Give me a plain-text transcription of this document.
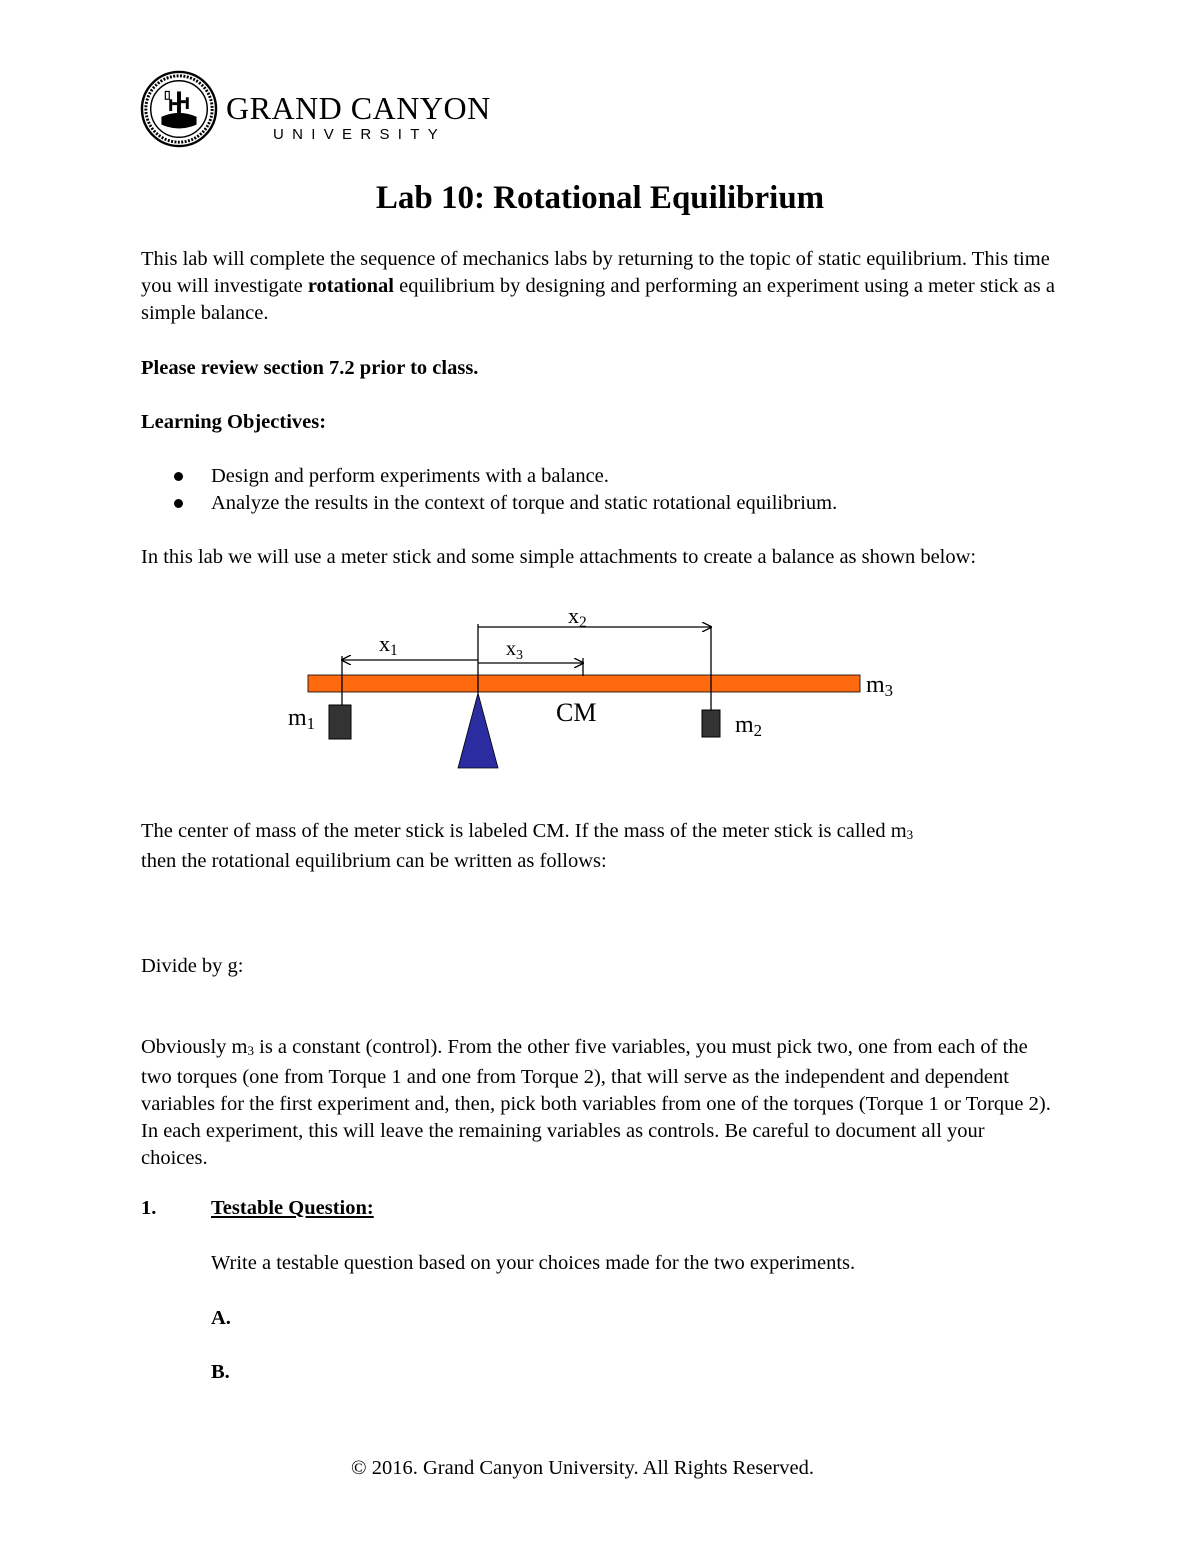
GRAND CANYON
UNIVERSITY
Lab 10: Rotational Equilibrium

This lab will complete the sequence of mechanics labs by returning to the topic of static equilibrium. This time you will investigate rotational equilibrium by designing and performing an experiment using a meter stick as a simple balance.

Please review section 7.2 prior to class.

Learning Objectives:

Design and perform experiments with a balance.
Analyze the results in the context of torque and static rotational equilibrium.

In this lab we will use a meter stick and some simple attachments to create a balance as shown below:

x2
x1	$x_3$
CM
m1	m2
m3

The center of mass of the meter stick is labeled CM. If the mass of the meter stick is called $m_3$
then the rotational equilibrium can be written as follows:

Divide by g:

Obviously $m_3$ is a constant (control). From the other five variables, you must pick two, one from each of the two torques (one from Torque 1 and one from Torque 2), that will serve as the independent and dependent variables for the first experiment and, then, pick both variables from one of the torques (Torque 1 or Torque 2). In each experiment, this will leave the remaining variables as controls. Be careful to document all your choices.

1.	Testable Question:

Write a testable question based on your choices made for the two experiments.

A.

B.

© 2016. Grand Canyon University. All Rights Reserved.
